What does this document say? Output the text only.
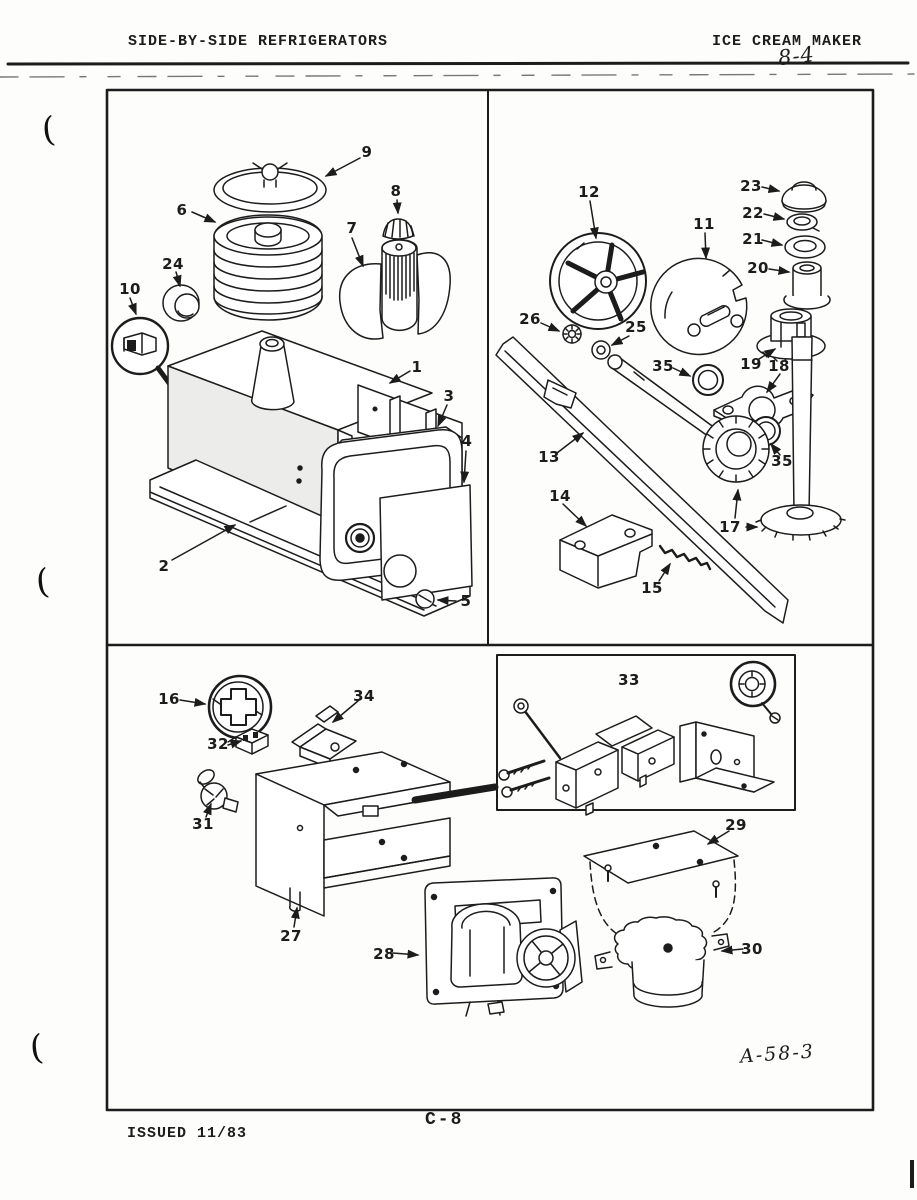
SIDE-BY-SIDE REFRIGERATORS	ICE CREAM MAKER
8-4
(
(
(
9
8
6
7
24
10
1
3
4
2
5
12	23
22
21
11
20
26	25
35	19 18
13
14
35
17
15
16	34
32
31
27
33
29
28	30
A-58-3
C-8
ISSUED 11/83
